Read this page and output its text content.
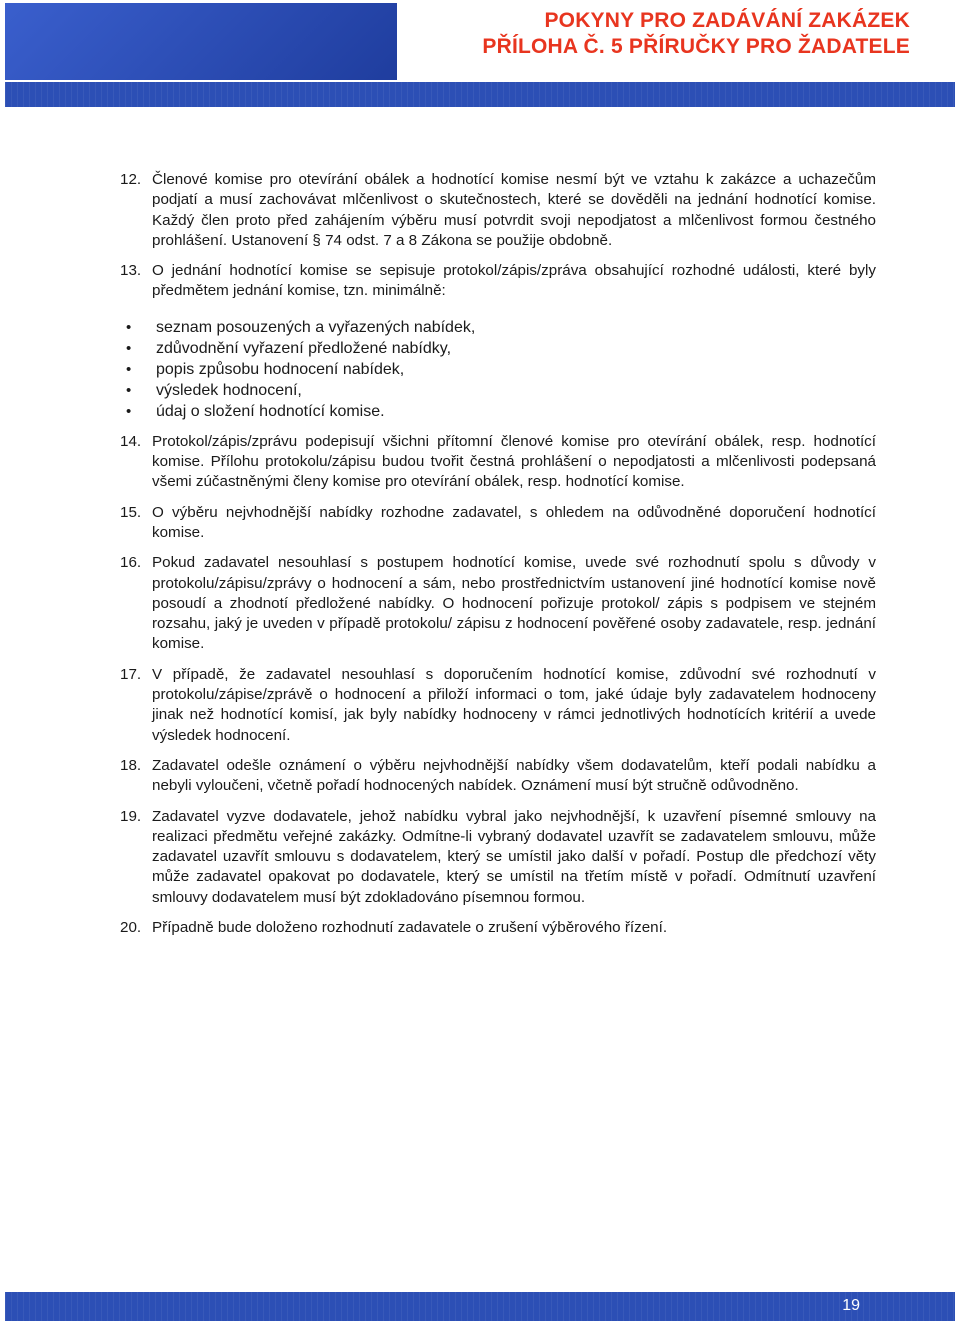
POKYNY PRO ZADÁVÁNÍ ZAKÁZEK
PŘÍLOHA Č. 5 PŘÍRUČKY PRO ŽADATELE
12. Členové komise pro otevírání obálek a hodnotící komise nesmí být ve vztahu k zakázce a uchazečům podjatí a musí zachovávat mlčenlivost o skutečnostech, které se dověděli na jednání hodnotící komise. Každý člen proto před zahájením výběru musí potvrdit svoji nepodjatost a mlčenlivost formou čestného prohlášení. Ustanovení § 74 odst. 7 a 8 Zákona se použije obdobně.
13. O jednání hodnotící komise se sepisuje protokol/zápis/zpráva obsahující rozhodné události, které byly předmětem jednání komise, tzn. minimálně:
• seznam posouzených a vyřazených nabídek,
• zdůvodnění vyřazení předložené nabídky,
• popis způsobu hodnocení nabídek,
• výsledek hodnocení,
• údaj o složení hodnotící komise.
14. Protokol/zápis/zprávu podepisují všichni přítomní členové komise pro otevírání obálek, resp. hodnotící komise. Přílohu protokolu/zápisu budou tvořit čestná prohlášení o nepodjatosti a mlčenlivosti podepsaná všemi zúčastněnými členy komise pro otevírání obálek, resp. hodnotící komise.
15. O výběru nejvhodnější nabídky rozhodne zadavatel, s ohledem na odůvodněné doporučení hodnotící komise.
16. Pokud zadavatel nesouhlasí s postupem hodnotící komise, uvede své rozhodnutí spolu s důvody v protokolu/zápisu/zprávy o hodnocení a sám, nebo prostřednictvím ustanovení jiné hodnotící komise nově posoudí a zhodnotí předložené nabídky. O hodnocení pořizuje protokol/ zápis s podpisem ve stejném rozsahu, jaký je uveden v případě protokolu/ zápisu z hodnocení pověřené osoby zadavatele, resp. jednání komise.
17. V případě, že zadavatel nesouhlasí s doporučením hodnotící komise, zdůvodní své rozhodnutí v protokolu/zápise/zprávě o hodnocení a přiloží informaci o tom, jaké údaje byly zadavatelem hodnoceny jinak než hodnotící komisí, jak byly nabídky hodnoceny v rámci jednotlivých hodnotících kritérií a uvede výsledek hodnocení.
18. Zadavatel odešle oznámení o výběru nejvhodnější nabídky všem dodavatelům, kteří podali nabídku a nebyli vyloučeni, včetně pořadí hodnocených nabídek. Oznámení musí být stručně odůvodněno.
19. Zadavatel vyzve dodavatele, jehož nabídku vybral jako nejvhodnější, k uzavření písemné smlouvy na realizaci předmětu veřejné zakázky. Odmítne-li vybraný dodavatel uzavřít se zadavatelem smlouvu, může zadavatel uzavřít smlouvu s dodavatelem, který se umístil jako další v pořadí. Postup dle předchozí věty může zadavatel opakovat po dodavatele, který se umístil na třetím místě v pořadí. Odmítnutí uzavření smlouvy dodavatelem musí být zdokladováno písemnou formou.
20. Případně bude doloženo rozhodnutí zadavatele o zrušení výběrového řízení.
19
